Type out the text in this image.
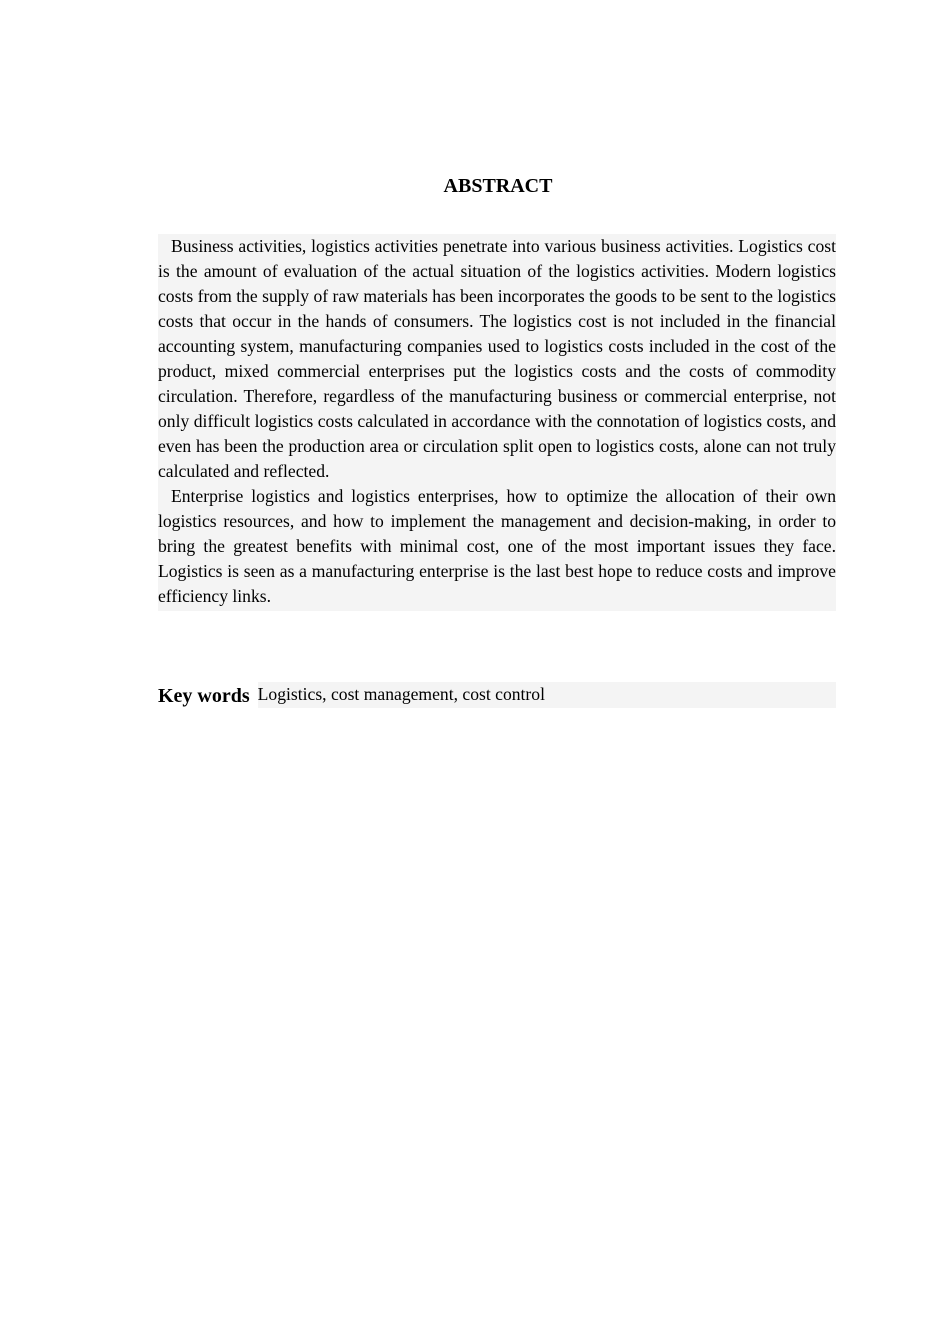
ABSTRACT

Business activities, logistics activities penetrate into various business activities. Logistics cost is the amount of evaluation of the actual situation of the logistics activities. Modern logistics costs from the supply of raw materials has been incorporates the goods to be sent to the logistics costs that occur in the hands of consumers. The logistics cost is not included in the financial accounting system, manufacturing companies used to logistics costs included in the cost of the product, mixed commercial enterprises put the logistics costs and the costs of commodity circulation. Therefore, regardless of the manufacturing business or commercial enterprise, not only difficult logistics costs calculated in accordance with the connotation of logistics costs, and even has been the production area or circulation split open to logistics costs, alone can not truly calculated and reflected.

Enterprise logistics and logistics enterprises, how to optimize the allocation of their own logistics resources, and how to implement the management and decision-making, in order to bring the greatest benefits with minimal cost, one of the most important issues they face. Logistics is seen as a manufacturing enterprise is the last best hope to reduce costs and improve efficiency links.

Key words Logistics, cost management, cost control
